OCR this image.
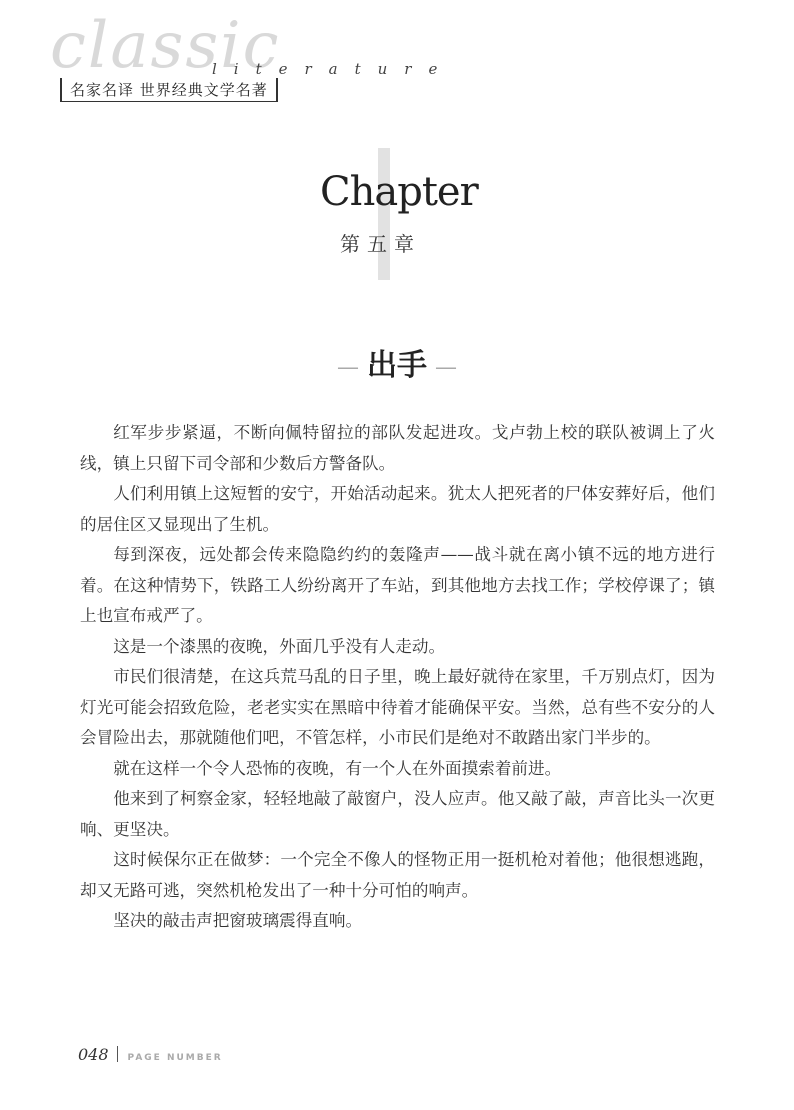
classic
literature
名家名译 世界经典文学名著
Chapter
第五章
— 出手 —

红军步步紧逼，不断向佩特留拉的部队发起进攻。戈卢勃上校的联队被调上了火线，镇上只留下司令部和少数后方警备队。

人们利用镇上这短暂的安宁，开始活动起来。犹太人把死者的尸体安葬好后，他们的居住区又显现出了生机。

每到深夜，远处都会传来隐隐约约的轰隆声——战斗就在离小镇不远的地方进行着。在这种情势下，铁路工人纷纷离开了车站，到其他地方去找工作；学校停课了；镇上也宣布戒严了。

这是一个漆黑的夜晚，外面几乎没有人走动。

市民们很清楚，在这兵荒马乱的日子里，晚上最好就待在家里，千万别点灯，因为灯光可能会招致危险，老老实实在黑暗中待着才能确保平安。当然，总有些不安分的人会冒险出去，那就随他们吧，不管怎样，小市民们是绝对不敢踏出家门半步的。

就在这样一个令人恐怖的夜晚，有一个人在外面摸索着前进。

他来到了柯察金家，轻轻地敲了敲窗户，没人应声。他又敲了敲，声音比头一次更响、更坚决。

这时候保尔正在做梦：一个完全不像人的怪物正用一挺机枪对着他；他很想逃跑，却又无路可逃，突然机枪发出了一种十分可怕的响声。

坚决的敲击声把窗玻璃震得直响。

048 PAGE NUMBER
